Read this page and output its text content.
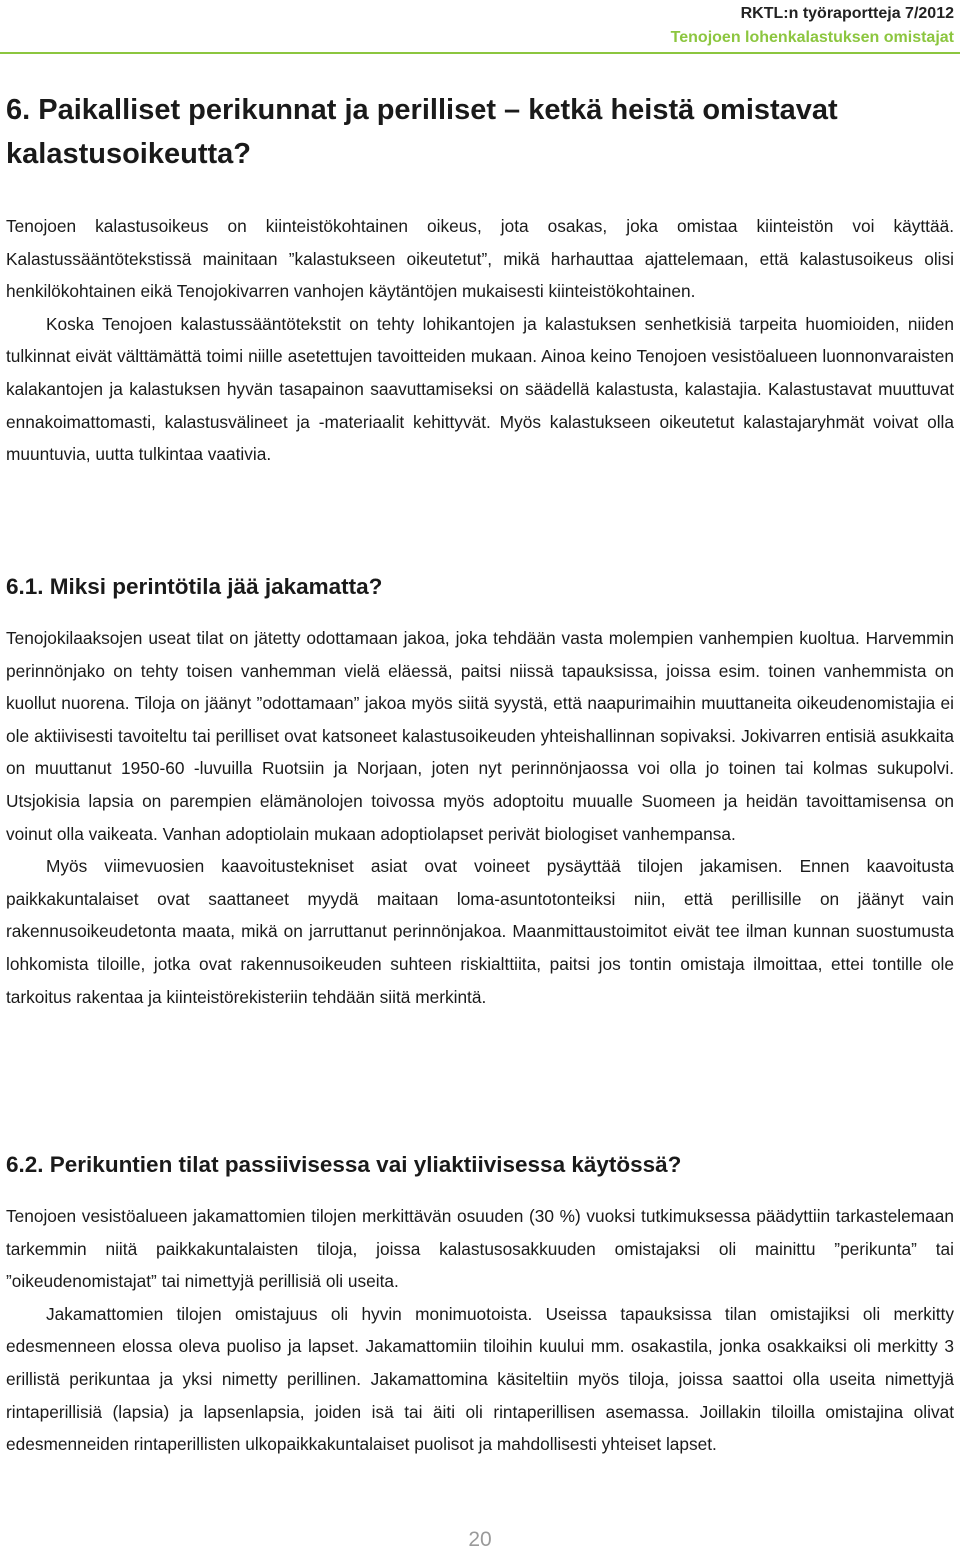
RKTL:n työraportteja 7/2012
Tenojoen lohenkalastuksen omistajat
6. Paikalliset perikunnat ja perilliset – ketkä heistä omistavat kalastusoikeutta?

Tenojoen kalastusoikeus on kiinteistökohtainen oikeus, jota osakas, joka omistaa kiinteistön voi käyttää. Kalastussääntötekstissä mainitaan ”kalastukseen oikeutetut”, mikä harhauttaa ajattelemaan, että kalastusoikeus olisi henkilökohtainen eikä Tenojokivarren vanhojen käytäntöjen mukaisesti kiinteistökohtainen.

Koska Tenojoen kalastussääntötekstit on tehty lohikantojen ja kalastuksen senhetkisiä tarpeita huomioiden, niiden tulkinnat eivät välttämättä toimi niille asetettujen tavoitteiden mukaan. Ainoa keino Tenojoen vesistöalueen luonnonvaraisten kalakantojen ja kalastuksen hyvän tasapainon saavuttamiseksi on säädellä kalastusta, kalastajia. Kalastustavat muuttuvat ennakoimattomasti, kalastusvälineet ja -materiaalit kehittyvät. Myös kalastukseen oikeutetut kalastajaryhmät voivat olla muuntuvia, uutta tulkintaa vaativia.

6.1. Miksi perintötila jää jakamatta?

Tenojokilaaksojen useat tilat on jätetty odottamaan jakoa, joka tehdään vasta molempien vanhempien kuoltua. Harvemmin perinnönjako on tehty toisen vanhemman vielä eläessä, paitsi niissä tapauksissa, joissa esim. toinen vanhemmista on kuollut nuorena. Tiloja on jäänyt ”odottamaan” jakoa myös siitä syystä, että naapurimaihin muuttaneita oikeudenomistajia ei ole aktiivisesti tavoiteltu tai perilliset ovat katsoneet kalastusoikeuden yhteishallinnan sopivaksi. Jokivarren entisiä asukkaita on muuttanut 1950-60 -luvuilla Ruotsiin ja Norjaan, joten nyt perinnönjaossa voi olla jo toinen tai kolmas sukupolvi. Utsjokisia lapsia on parempien elämänolojen toivossa myös adoptoitu muualle Suomeen ja heidän tavoittamisensa on voinut olla vaikeata. Vanhan adoptiolain mukaan adoptiolapset perivät biologiset vanhempansa.

Myös viimevuosien kaavoitustekniset asiat ovat voineet pysäyttää tilojen jakamisen. Ennen kaavoitusta paikkakuntalaiset ovat saattaneet myydä maitaan loma-asuntotonteiksi niin, että perillisille on jäänyt vain rakennusoikeudetonta maata, mikä on jarruttanut perinnönjakoa. Maanmittaustoimitot eivät tee ilman kunnan suostumusta lohkomista tiloille, jotka ovat rakennusoikeuden suhteen riskialttiita, paitsi jos tontin omistaja ilmoittaa, ettei tontille ole tarkoitus rakentaa ja kiinteistörekisteriin tehdään siitä merkintä.

6.2. Perikuntien tilat passiivisessa vai yliaktiivisessa käytössä?

Tenojoen vesistöalueen jakamattomien tilojen merkittävän osuuden (30 %) vuoksi tutkimuksessa päädyttiin tarkastelemaan tarkemmin niitä paikkakuntalaisten tiloja, joissa kalastusosakkuuden omistajaksi oli mainittu ”perikunta” tai ”oikeudenomistajat” tai nimettyjä perillisiä oli useita.

Jakamattomien tilojen omistajuus oli hyvin monimuotoista. Useissa tapauksissa tilan omistajiksi oli merkitty edesmenneen elossa oleva puoliso ja lapset. Jakamattomiin tiloihin kuului mm. osakastila, jonka osakkaiksi oli merkitty 3 erillistä perikuntaa ja yksi nimetty perillinen. Jakamattomina käsiteltiin myös tiloja, joissa saattoi olla useita nimettyjä rintaperillisiä (lapsia) ja lapsenlapsia, joiden isä tai äiti oli rintaperillisen asemassa. Joillakin tiloilla omistajina olivat edesmenneiden rintaperillisten ulkopaikkakuntalaiset puolisot ja mahdollisesti yhteiset lapset.

20
